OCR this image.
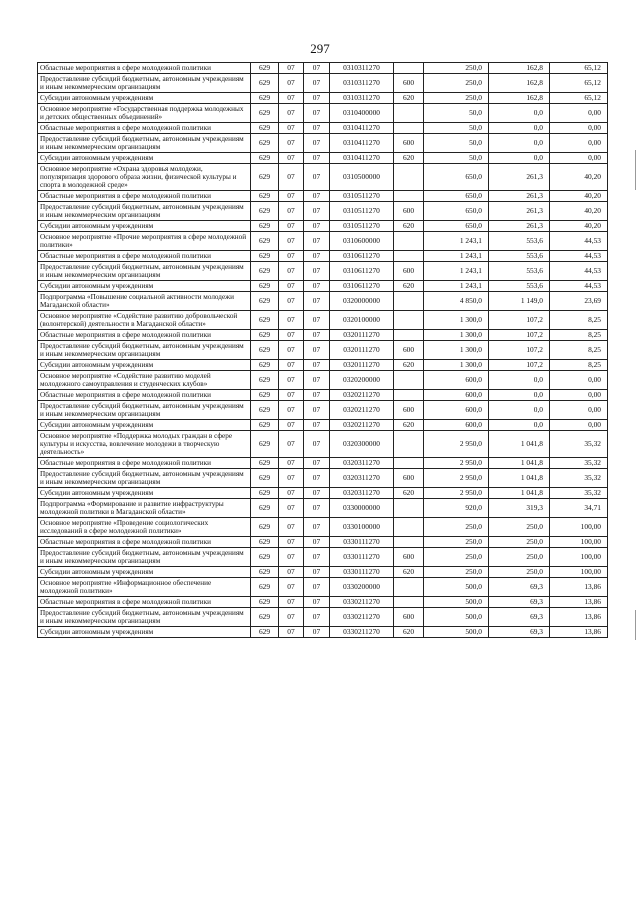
297
Областные мероприятия в сфере молодежной политики	629	07	07	0310311270		250,0	162,8	65,12
Предоставление субсидий бюджетным, автономным учреждениям и иным некоммерческим организациям	629	07	07	0310311270	600	250,0	162,8	65,12
Субсидии автономным учреждениям	629	07	07	0310311270	620	250,0	162,8	65,12
Основное мероприятие «Государственная поддержка молодежных и детских общественных объединений»	629	07	07	0310400000		50,0	0,0	0,00
Областные мероприятия в сфере молодежной политики	629	07	07	0310411270		50,0	0,0	0,00
Предоставление субсидий бюджетным, автономным учреждениям и иным некоммерческим организациям	629	07	07	0310411270	600	50,0	0,0	0,00
Субсидии автономным учреждениям	629	07	07	0310411270	620	50,0	0,0	0,00
Основное мероприятие «Охрана здоровья молодежи, популяризация здорового образа жизни, физической культуры и спорта в молодежной среде»	629	07	07	0310500000		650,0	261,3	40,20
Областные мероприятия в сфере молодежной политики	629	07	07	0310511270		650,0	261,3	40,20
Предоставление субсидий бюджетным, автономным учреждениям и иным некоммерческим организациям	629	07	07	0310511270	600	650,0	261,3	40,20
Субсидии автономным учреждениям	629	07	07	0310511270	620	650,0	261,3	40,20
Основное мероприятие «Прочие мероприятия в сфере молодежной политики»	629	07	07	0310600000		1 243,1	553,6	44,53
Областные мероприятия в сфере молодежной политики	629	07	07	0310611270		1 243,1	553,6	44,53
Предоставление субсидий бюджетным, автономным учреждениям и иным некоммерческим организациям	629	07	07	0310611270	600	1 243,1	553,6	44,53
Субсидии автономным учреждениям	629	07	07	0310611270	620	1 243,1	553,6	44,53
Подпрограмма «Повышение социальной активности молодежи Магаданской области»	629	07	07	0320000000		4 850,0	1 149,0	23,69
Основное мероприятие «Содействие развитию добровольческой (волонтерской) деятельности в Магаданской области»	629	07	07	0320100000		1 300,0	107,2	8,25
Областные мероприятия в сфере молодежной политики	629	07	07	0320111270		1 300,0	107,2	8,25
Предоставление субсидий бюджетным, автономным учреждениям и иным некоммерческим организациям	629	07	07	0320111270	600	1 300,0	107,2	8,25
Субсидии автономным учреждениям	629	07	07	0320111270	620	1 300,0	107,2	8,25
Основное мероприятие «Содействие развитию моделей молодежного самоуправления и студенческих клубов»	629	07	07	0320200000		600,0	0,0	0,00
Областные мероприятия в сфере молодежной политики	629	07	07	0320211270		600,0	0,0	0,00
Предоставление субсидий бюджетным, автономным учреждениям и иным некоммерческим организациям	629	07	07	0320211270	600	600,0	0,0	0,00
Субсидии автономным учреждениям	629	07	07	0320211270	620	600,0	0,0	0,00
Основное мероприятие «Поддержка молодых граждан в сфере культуры и искусства, вовлечение молодежи в творческую деятельность»	629	07	07	0320300000		2 950,0	1 041,8	35,32
Областные мероприятия в сфере молодежной политики	629	07	07	0320311270		2 950,0	1 041,8	35,32
Предоставление субсидий бюджетным, автономным учреждениям и иным некоммерческим организациям	629	07	07	0320311270	600	2 950,0	1 041,8	35,32
Субсидии автономным учреждениям	629	07	07	0320311270	620	2 950,0	1 041,8	35,32
Подпрограмма «Формирование и развитие инфраструктуры молодежной политики в Магаданской области»	629	07	07	0330000000		920,0	319,3	34,71
Основное мероприятие «Проведение социологических исследований в сфере молодежной политики»	629	07	07	0330100000		250,0	250,0	100,00
Областные мероприятия в сфере молодежной политики	629	07	07	0330111270		250,0	250,0	100,00
Предоставление субсидий бюджетным, автономным учреждениям и иным некоммерческим организациям	629	07	07	0330111270	600	250,0	250,0	100,00
Субсидии автономным учреждениям	629	07	07	0330111270	620	250,0	250,0	100,00
Основное мероприятие «Информационное обеспечение молодежной политики»	629	07	07	0330200000		500,0	69,3	13,86
Областные мероприятия в сфере молодежной политики	629	07	07	0330211270		500,0	69,3	13,86
Предоставление субсидий бюджетным, автономным учреждениям и иным некоммерческим организациям	629	07	07	0330211270	600	500,0	69,3	13,86
Субсидии автономным учреждениям	629	07	07	0330211270	620	500,0	69,3	13,86
